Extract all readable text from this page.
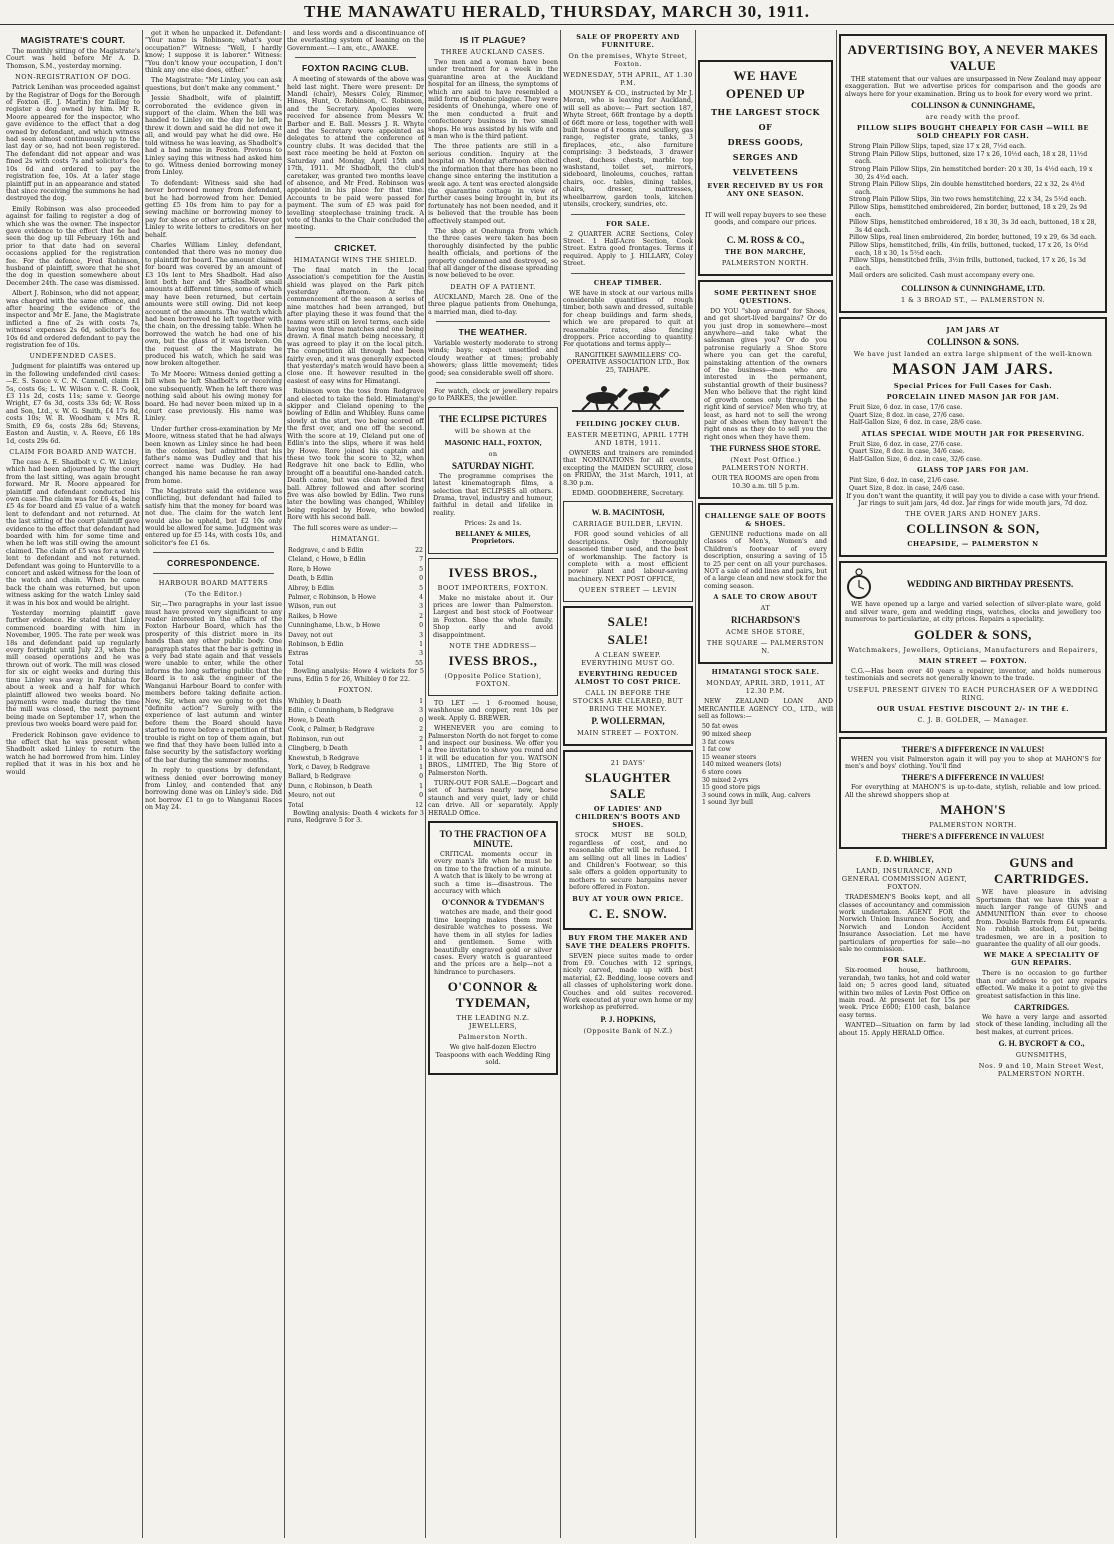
THE MANAWATU HERALD, THURSDAY, MARCH 30, 1911.
MAGISTRATE'S COURT.

The monthly sitting of the Magistrate's Court was held before Mr A. D. Thomson, S.M., yesterday morning.

NON-REGISTRATION OF DOG.

Patrick Lenihan was proceeded against by the Registrar of Dogs for the Borough of Foxton (E. J. Martin) for failing to register a dog owned by him. Mr R. Moore appeared for the inspector, who gave evidence to the effect that a dog owned by defendant, and which witness had seen almost continuously up to the last day or so, had not been registered. The defendant did not appear and was fined 2s with costs 7s and solicitor's fee 10s 6d and ordered to pay the registration fee, 10s. At a later stage plaintiff put in an appearance and stated that since receiving the summons he had destroyed the dog.

Emily Robinson was also proceeded against for failing to register a dog of which she was the owner. The inspector gave evidence to the effect that he had seen the dog up till February 16th and prior to that date had on several occasions applied for the registration fee. For the defence, Fred Robinson, husband of plaintiff, swore that he shot the dog in question somewhere about December 24th. The case was dismissed.

Albert J. Robinson, who did not appear, was charged with the same offence, and after hearing the evidence of the inspector and Mr E. Jane, the Magistrate inflicted a fine of 2s with costs 7s, witness' expenses 2s 6d, solicitor's fee 10s 6d and ordered defendant to pay the registration fee of 10s.

UNDEFENDED CASES.

Judgment for plaintiffs was entered up in the following undefended civil cases:—E. S. Sauce v. C. N. Cannell, claim £1 5s, costs 6s; L. W. Wilson v. C. R. Cook, £3 11s 2d, costs 11s; same v. George Wright, £7 6s 3d, costs 33s 6d; W. Ross and Son, Ltd., v. W. G. Smith, £4 17s 8d, costs 10s; W. R. Woodham v. Mrs R. Smith, £9 6s, costs 28s 6d; Stevens, Easton and Austin, v. A. Reeve, £6 18s 1d, costs 29s 6d.

CLAIM FOR BOARD AND WATCH.

The case A. E. Shadbolt v. C. W. Linley, which had been adjourned by the court from the last sitting, was again brought forward. Mr R. Moore appeared for plaintiff and defendant conducted his own case. The claim was for £6 4s, being £5 4s for board and £5 value of a watch lent to defendant and not returned. At the last sitting of the court plaintiff gave evidence to the effect that defendant had boarded with him for some time and when he left was still owing the amount claimed. The claim of £5 was for a watch lent to defendant and not returned. Defendant was going to Hunterville to a concert and asked witness for the loan of the watch and chain. When he came back the chain was returned, but upon witness asking for the watch Linley said it was in his box and would be alright.

Yesterday morning plaintiff gave further evidence. He stated that Linley commenced boarding with him in November, 1905. The rate per week was 18s and defendant paid up regularly every fortnight until July 23, when the mill ceased operations and he was thrown out of work. The mill was closed for six or eight weeks and during this time Linley was away in Pahiatua for about a week and a half for which plaintiff allowed two weeks board. No payments were made during the time the mill was closed, the next payment being made on September 17, when the previous two weeks board were paid for.

Frederick Robinson gave evidence to the effect that he was present when Shadbolt asked Linley to return the watch he had borrowed from him. Linley replied that it was in his box and he would

get it when he unpacked it. Defendant: "Your name is Robinson; what's your occupation?" Witness: "Well, I hardly know; I suppose it is laborer." Witness: "You don't know your occupation, I don't think any one else does, either."

The Magistrate: "Mr Linley, you can ask questions, but don't make any comment."

Jessie Shadbolt, wife of plaintiff, corroborated the evidence given in support of the claim. When the bill was handed to Linley on the day he left, he threw it down and said he did not owe it all, and would pay what he did owe. He told witness he was leaving, as Shadbolt's had a bad name in Foxton. Previous to Linley saying this witness had asked him to go. Witness denied borrowing money from Linley.

To defendant: Witness said she had never borrowed money from defendant, but he had borrowed from her. Denied getting £5 10s from him to pay for a sewing machine or borrowing money to pay for shoes or other articles. Never got Linley to write letters to creditors on her behalf.

Charles William Linley, defendant, contended that there was no money due to plaintiff for board. The amount claimed for board was covered by an amount of £3 10s lent to Mrs Shadbolt. Had also lent both her and Mr Shadbolt small amounts at different times, some of which may have been returned, but certain amounts were still owing. Did not keep account of the amounts. The watch which had been borrowed he left together with the chain, on the dressing table. When he borrowed the watch he had one of his own, but the glass of it was broken. On the request of the Magistrate he produced his watch, which he said was now broken altogether.

To Mr Moore: Witness denied getting a bill when he left Shadbolt's or receiving one subsequently. When he left there was nothing said about his owing money for board. He had never been mixed up in a court case previously. His name was Linley.

Under further cross-examination by Mr Moore, witness stated that he had always been known as Linley since he had been in the colonies, but admitted that his father's name was Dudley and that his correct name was Dudley. He had changed his name because he ran away from home.

The Magistrate said the evidence was conflicting, but defendant had failed to satisfy him that the money for board was not due. The claim for the watch lent would also be upheld, but £2 10s only would be allowed for same. Judgment was entered up for £5 14s, with costs 10s, and solicitor's fee £1 6s.

CORRESPONDENCE.
HARBOUR BOARD MATTERS
(To the Editor.)

Sir,—Two paragraphs in your last issue must have proved very significant to any reader interested in the affairs of the Foxton Harbour Board, which has the prosperity of this district more in its hands than any other public body. One paragraph states that the bar is getting in a very bad state again and that vessels were unable to enter, while the other informs the long suffering public that the Board is to ask the engineer of the Wanganui Harbour Board to confer with members before taking definite action. Now, Sir, when are we going to get this "definite action"? Surely with the experience of last autumn and winter before them the Board should have started to move before a repetition of that trouble is right on top of them again, but we find that they have been lulled into a false security by the satisfactory working of the bar during the summer months.

In reply to questions by defendant, witness denied ever borrowing money from Linley, and contended that any borrowing done was on Linley's side. Did not borrow £1 to go to Wanganui Races on May 24.

and less words and a discontinuance of the everlasting system of leaning on the Government.— I am, etc., AWAKE.

FOXTON RACING CLUB.

A meeting of stewards of the above was held last night. There were present: Dr Mandl (chair), Messrs Coley, Rimmer, Hines, Hunt, O. Robinson, C. Robinson, and the Secretary. Apologies were received for absence from Messrs W. Barber and E. Ball. Messrs J. R. Whyte and the Secretary were appointed as delegates to attend the conference of country clubs. It was decided that the next race meeting be held at Foxton on Saturday and Monday, April 15th and 17th, 1911. Mr Shadbolt, the club's caretaker, was granted two months leave of absence, and Mr Fred. Robinson was appointed in his place for that time. Accounts to be paid were passed for payment. The sum of £5 was paid for levelling steeplechase training track. A vote of thanks to the Chair concluded the meeting.

CRICKET.
HIMATANGI WINS THE SHIELD.

The final match in the local Association's competition for the Austin shield was played on the Park pitch yesterday afternoon. At the commencement of the season a series of nine matches had been arranged, but after playing these it was found that the teams were still on level terms, each side having won three matches and one being drawn. A final match being necessary, it was agreed to play it on the local pitch. The competition all through had been fairly even, and it was generally expected that yesterday's match would have been a close one. It however resulted in the easiest of easy wins for Himatangi.

Robinson won the toss from Redgrave and elected to take the field. Himatangi's skipper and Cleland opening to the bowling of Edlin and Whibley. Runs came slowly at the start, two being scored off the first over, and one off the second. With the score at 19, Cleland put one of Edlin's into the slips, where it was held by Howe. Rore joined his captain and these two took the score to 32, when Redgrave hit one back to Edlin, who brought off a beautiful one-handed catch. Death came, but was clean bowled first ball. Albrey followed and after scoring five was also bowled by Edlin. Two runs later the bowling was changed, Whibley being replaced by Howe, who bowled Rore with his second ball.

The full scores were as under:—

HIMATANGI.
Redgrave, c and b Edlin	22
Cleland, c Howe, b Edlin	7
Rore, b Howe	5
Death, b Edlin	0
Albrey, b Edlin	5
Palmer, c Robinson, b Howe	4
Wilson, run out	3
Raikes, b Howe	2
Cunninghame, l.b.w., b Howe	0
Davey, not out	3
Robinson, b Edlin	1
Extras	3
Total	55

Bowling analysis: Howe 4 wickets for 5 runs, Edlin 5 for 26, Whibley 0 for 22.

FOXTON.
Whibley, b Death	1
Edlin, c Cunningham, b Redgrave	3
Howe, b Death	0
Cook, c Palmer, b Redgrave	2
Robinson, run out	2
Clingberg, b Death	1
Knewstub, b Redgrave	1
York, c Davey, b Redgrave	1
Ballard, b Redgrave	0
Dunn, c Robinson, b Death	1
Meuro, not out	0
Total	12

Bowling analysis: Death 4 wickets for 3 runs, Redgrave 5 for 3.

IS IT PLAGUE?
THREE AUCKLAND CASES.

Two men and a woman have been under treatment for a week in the quarantine area at the Auckland hospital for an illness, the symptoms of which are said to have resembled a mild form of bubonic plague. They were residents of Onehunga, where one of the men conducted a fruit and confectionery business in two small shops. He was assisted by his wife and a man who is the third patient.

The three patients are still in a serious condition. Inquiry at the hospital on Monday afternoon elicited the information that there has been no change since entering the institution a week ago. A tent was erected alongside the quarantine cottage in view of further cases being brought in, but its fortunately has not been needed, and it is believed that the trouble has been effectively stamped out.

The shop at Onehunga from which the three cases were taken has been thoroughly disinfected by the public health officials, and portions of the property condemned and destroyed, so that all danger of the disease spreading is now believed to be over.

DEATH OF A PATIENT.

AUCKLAND, March 28. One of the three plague patients from Onehunga, a married man, died to-day.

THE WEATHER.

Variable westerly moderate to strong winds; bays; expect unsettled and cloudy weather at times; probably showers; glass little movement; tides good; sea considerable swell off shore.

For watch, clock or jewellery repairs go to PARKES, the jeweller.

THE ECLIPSE PICTURES
will be shown at the
MASONIC HALL, FOXTON,
on
SATURDAY NIGHT.

The programme comprises the latest kinematograph films, a selection that ECLIPSES all others. Drama, travel, industry and humour, faithful in detail and lifelike in reality.

Prices: 2s and 1s.

BELLANEY & MILES, Proprietors.

IVESS BROS.,
BOOT IMPORTERS, FOXTON.

Make no mistake about it. Our prices are lower than Palmerston. Largest and best stock of Footwear in Foxton. Shoe the whole family. Shop early and avoid disappointment.

NOTE THE ADDRESS—
IVESS BROS.,
(Opposite Police Station), FOXTON.

TO LET — 1 6-roomed house, washhouse and copper, rent 10s per week. Apply G. BREWER.

WHENEVER you are coming to Palmerston North do not forget to come and inspect our business. We offer you a free invitation to show you round and it will be education for you. WATSON BROS., LIMITED, The Big Store of Palmerston North.

TURN-OUT FOR SALE.—Dogcart and set of harness nearly new, horse staunch and very quiet, lady or child can drive. All or separately. Apply HERALD Office.

TO THE FRACTION OF A MINUTE.

CRITICAL moments occur in every man's life when he must be on time to the fraction of a minute. A watch that is likely to be wrong at such a time is—disastrous. The accuracy with which

O'CONNOR & TYDEMAN'S

watches are made, and their good time keeping makes them most desirable watches to possess. We have them in all styles for ladies and gentlemen. Some with beautifully engraved gold or silver cases. Every watch is guaranteed and the prices are a help—not a hindrance to purchasers.

O'CONNOR & TYDEMAN,
THE LEADING N.Z. JEWELLERS,
Palmerston North.

We give half-dozen Electro Teaspoons with each Wedding Ring sold.

SALE OF PROPERTY AND FURNITURE.
On the premises, Whyte Street, Foxton.
WEDNESDAY, 5TH APRIL, AT 1.30 P.M.

MOUNSEY & CO., instructed by Mr J. Moran, who is leaving for Auckland, will sell as above:— Part section 187, Whyte Street, 66ft frontage by a depth of 66ft more or less, together with well built house of 4 rooms and scullery, gas range, register grate, tanks, 3 fireplaces, etc., also furniture comprising: 3 bedsteads, 3 drawer chest, duchess chests, marble top washstand, toilet set, mirrors, sideboard, linoleums, couches, rattan chairs, occ. tables, dining tables, chairs, dresser, mattresses, wheelbarrow, garden tools, kitchen utensils, crockery, sundries, etc.

FOR SALE.

2 QUARTER ACRE Sections, Coley Street. 1 Half-Acre Section, Cook Street. Extra good frontages. Terms if required. Apply to J. HILLARY, Coley Street.

CHEAP TIMBER.

WE have in stock at our various mills considerable quantities of rough timber, both sawn and dressed, suitable for cheap buildings and farm sheds, which we are prepared to quit at reasonable rates, also fencing droppers. Price according to quantity. For quotations and terms apply—

RANGITIKEI SAWMILLERS' CO-OPERATIVE ASSOCIATION LTD., Box 25, TAIHAPE.

FEILDING JOCKEY CLUB.
EASTER MEETING, APRIL 17TH AND 18TH, 1911.

OWNERS and trainers are reminded that NOMINATIONS for all events, excepting the MAIDEN SCURRY, close on FRIDAY, the 31st March, 1911, at 8.30 p.m.

EDMD. GOODBEHERE, Secretary.

W. B. MACINTOSH,
CARRIAGE BUILDER, LEVIN.

FOR good sound vehicles of all descriptions. Only thoroughly seasoned timber used, and the best of workmanship. The factory is complete with a most efficient power plant and labour-saving machinery. NEXT POST OFFICE,

QUEEN STREET — LEVIN
SALE!
SALE!
A CLEAN SWEEP. EVERYTHING MUST GO.
EVERYTHING REDUCED ALMOST TO COST PRICE.
CALL IN BEFORE THE STOCKS ARE CLEARED, BUT BRING THE MONEY.
P. WOLLERMAN,
MAIN STREET — FOXTON.
21 DAYS'
SLAUGHTER SALE
OF LADIES' AND CHILDREN'S BOOTS AND SHOES.

STOCK MUST BE SOLD, regardless of cost, and no reasonable offer will be refused. I am selling out all lines in Ladies' and Children's Footwear, so this sale offers a golden opportunity to mothers to secure bargains never before offered in Foxton.

BUY AT YOUR OWN PRICE.
C. E. SNOW.
BUY FROM THE MAKER AND SAVE THE DEALERS PROFITS.

SEVEN piece suites made to order from £9. Couches with 12 springs, nicely carved, made up with best material, £2. Bedding, loose covers and all classes of upholstering work done. Couches and old suites recovered. Work executed at your own home or my workshop as preferred.

P. J. HOPKINS,
(Opposite Bank of N.Z.)
WE HAVE
OPENED UP
THE LARGEST STOCK
OF
DRESS GOODS,
SERGES AND
VELVETEENS
EVER RECEIVED BY US FOR ANY ONE SEASON.

IT will well repay buyers to see these goods, and compare our prices.

C. M. ROSS & CO.,
THE BON MARCHE,
PALMERSTON NORTH.
SOME PERTINENT SHOE QUESTIONS.

DO YOU "shop around" for Shoes, and get short-lived bargains? Or do you just drop in somewhere—most anywhere—and take what the salesman gives you? Or do you patronise regularly a Shoe Store where you can get the careful, painstaking attention of the owners of the business—men who are interested in the permanent, substantial growth of their business? Men who believe that the right kind of growth comes only through the right kind of service? Men who try, at least, as hard not to sell the wrong pair of shoes when they haven't the right ones as they do to sell you the right ones when they have them.

THE FURNESS SHOE STORE.
(Next Post Office.) PALMERSTON NORTH.

OUR TEA ROOMS are open from 10.30 a.m. till 5 p.m.

CHALLENGE SALE OF BOOTS & SHOES.

GENUINE reductions made on all classes of Men's, Women's and Children's footwear of every description, ensuring a saving of 15 to 25 per cent on all your purchases. NOT a sale of odd lines and pairs, but of a large clean and new stock for the coming season.

A SALE TO CROW ABOUT
AT
RICHARDSON'S
ACME SHOE STORE,
THE SQUARE — PALMERSTON N.
HIMATANGI STOCK SALE.
MONDAY, APRIL 3RD, 1911, AT 12.30 P.M.

NEW ZEALAND LOAN AND MERCANTILE AGENCY CO., LTD., will sell as follows:—

50 fat ewes
90 mixed sheep
3 fat cows
1 fat cow
15 weaner steers
140 mixed weaners (lots)
6 store cows
30 mixed 2-yrs
15 good store pigs
3 sound cows in milk, Aug. calvers
1 sound 3yr bull
ADVERTISING BOY, A NEVER MAKES VALUE

THE statement that our values are unsurpassed in New Zealand may appear exaggeration. But we advertise prices for comparison and the goods are always here for your examination. Bring us to book for every word we print.

COLLINSON & CUNNINGHAME,
are ready with the proof.
PILLOW SLIPS BOUGHT CHEAPLY FOR CASH —WILL BE SOLD CHEAPLY FOR CASH.
Strong Plain Pillow Slips, taped, size 17 x 28, 7½d each.
Strong Plain Pillow Slips, buttoned, size 17 x 26, 10½d each, 18 x 28, 11½d each.
Strong Plain Pillow Slips, 2in hemstitched border: 20 x 30, 1s 4½d each, 19 x 30, 2s 4½d each.
Strong Plain Pillow Slips, 2in double hemstitched borders, 22 x 32, 2s 4½d each.
Strong Plain Pillow Slips, 3in two rows hemstitching, 22 x 34, 2s 5½d each.
Pillow Slips, hemstitched embroidered, 2in border, buttoned, 18 x 29, 2s 9d each.
Pillow Slips, hemstitched embroidered, 18 x 30, 3s 3d each, buttoned, 18 x 28, 3s 4d each.
Pillow Slips, real linen embroidered, 2in border, buttoned, 19 x 29, 6s 3d each.
Pillow Slips, hemstitched, frills, 4in frills, buttoned, tucked, 17 x 26, 1s 0½d each, 18 x 30, 1s 5½d each.
Pillow Slips, hemstitched frills, 3½in frills, buttoned, tucked, 17 x 26, 1s 3d each.
Mail orders are solicited. Cash must accompany every one.
COLLINSON & CUNNINGHAME, LTD.
1 & 3 BROAD ST., — PALMERSTON N.
JAM JARS AT
COLLINSON & SONS.
We have just landed an extra large shipment of the well-known
MASON JAM JARS.
Special Prices for Full Cases for Cash.
PORCELAIN LINED MASON JAR FOR JAM.
Fruit Size, 6 doz. in case, 17/6 case.
Quart Size, 8 doz. in case, 27/6 case.
Half-Gallon Size, 6 doz. in case, 28/6 case.
ATLAS SPECIAL WIDE MOUTH JAR FOR PRESERVING.
Fruit Size, 6 doz. in case, 27/6 case.
Quart Size, 8 doz. in case, 34/6 case.
Half-Gallon Size, 6 doz. in case, 32/6 case.
GLASS TOP JARS FOR JAM.
Pint Size, 6 doz. in case, 21/6 case.
Quart Size, 8 doz. in case, 24/6 case.

If you don't want the quantity, it will pay you to divide a case with your friend. Jar rings to suit jam jars, 4d doz. Jar rings for wide mouth jars, 7d doz.

THE OVER JARS AND HONEY JARS.
COLLINSON & SON,
CHEAPSIDE, — PALMERSTON N
WEDDING AND BIRTHDAY PRESENTS.

WE have opened up a large and varied selection of silver-plate ware, gold and silver ware, gem and wedding rings, watches, clocks and jewellery too numerous to particularize, at city prices. Repairs a speciality.

GOLDER & SONS,
Watchmakers, Jewellers, Opticians, Manufacturers and Repairers,
MAIN STREET — FOXTON.

C.G.—Has been over 40 years a repairer, inventor, and holds numerous testimonials and secrets not generally known to the trade.

USEFUL PRESENT GIVEN TO EACH PURCHASER OF A WEDDING RING.
OUR USUAL FESTIVE DISCOUNT 2/- IN THE £.
C. J. B. GOLDER, — Manager.
THERE'S A DIFFERENCE IN VALUES!

WHEN you visit Palmerston again it will pay you to shop at MAHON'S for men's and boys' clothing. You'll find

THERE'S A DIFFERENCE IN VALUES!

For everything at MAHON'S is up-to-date, stylish, reliable and low priced. All the shrewd shoppers shop at

MAHON'S
PALMERSTON NORTH.
THERE'S A DIFFERENCE IN VALUES!
F. D. WHIBLEY,
LAND, INSURANCE, AND GENERAL COMMISSION AGENT, FOXTON.

TRADESMEN'S Books kept, and all classes of accountancy and commission work undertaken. AGENT FOR the Norwich Union Insurance Society, and Norwich and London Accident Insurance Association. Let me have particulars of properties for sale—no sale no commission.

FOR SALE.

Six-roomed house, bathroom, verandah, two tanks, hot and cold water laid on; 5 acres good land, situated within two miles of Levin Post Office on main road. At present let for 15s per week. Price £600; £100 cash, balance easy terms.

WANTED—Situation on farm by lad about 15. Apply HERALD Office.

GUNS and CARTRIDGES.

WE have pleasure in advising Sportsmen that we have this year a much larger range of GUNS and AMMUNITION than ever to choose from. Double Barrels from £4 upwards. No rubbish stocked, but, being tradesmen, we are in a position to guarantee the quality of all our goods.

WE MAKE A SPECIALITY OF GUN REPAIRS.

There is no occasion to go further than our address to get any repairs effected. We make it a point to give the greatest satisfaction in this line.

CARTRIDGES.

We have a very large and assorted stock of these landing, including all the best makes, at current prices.

G. H. BYCROFT & CO.,
GUNSMITHS,
Nos. 9 and 10, Main Street West, PALMERSTON NORTH.
